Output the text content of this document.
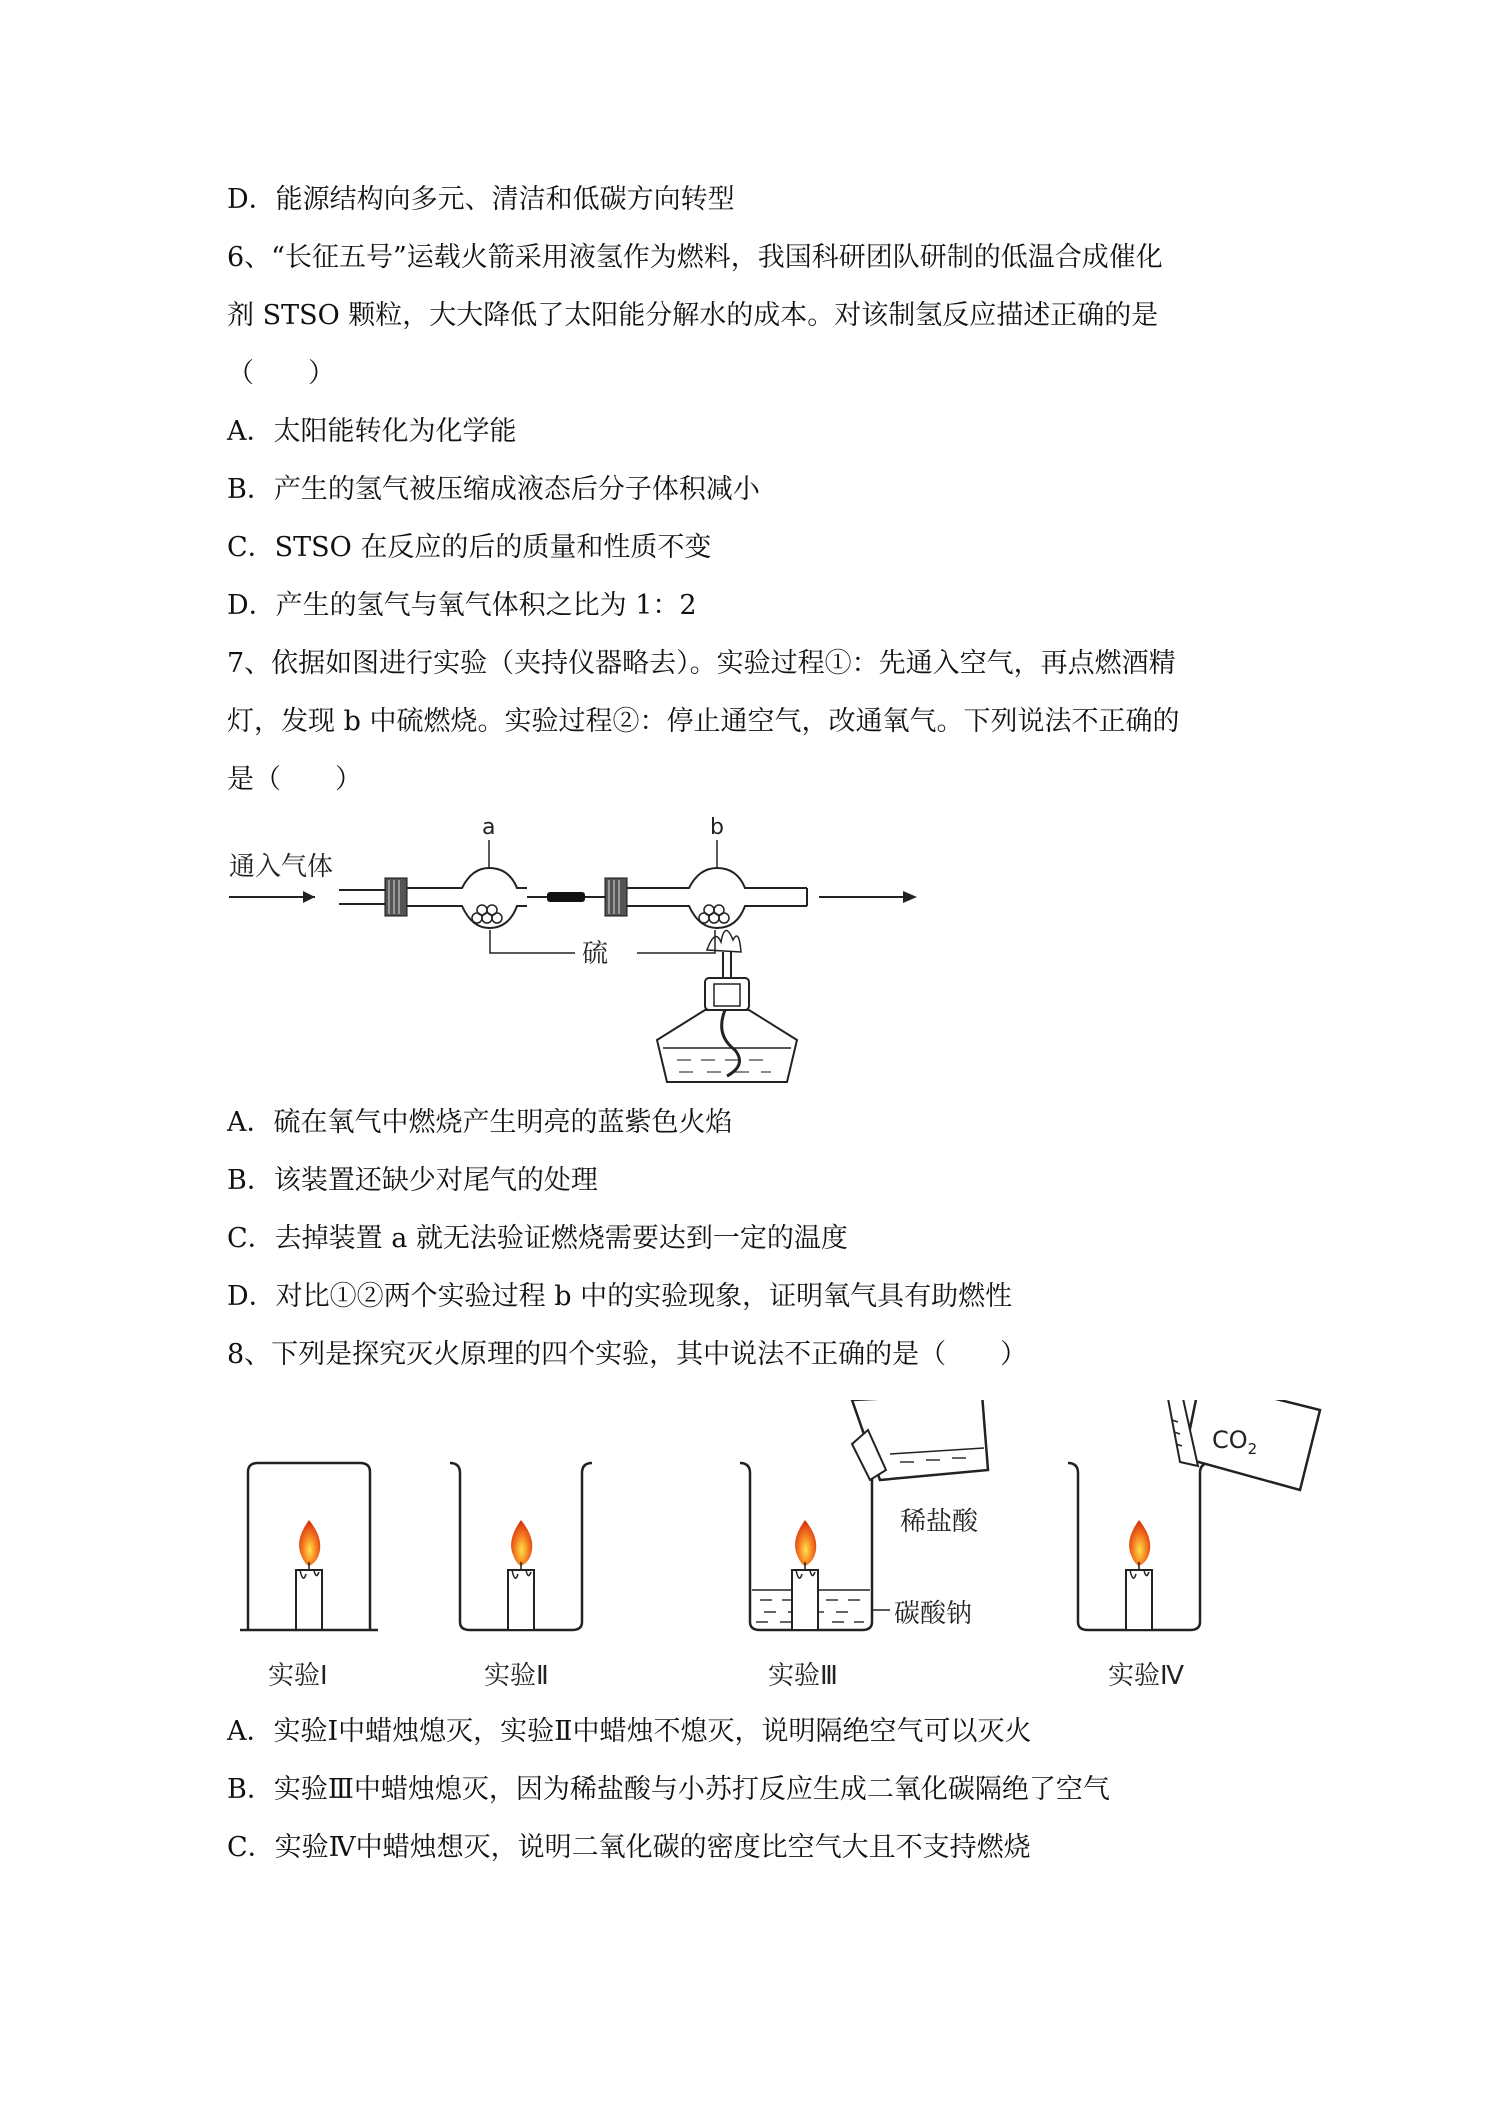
D．能源结构向多元、清洁和低碳方向转型
6、“长征五号”运载火箭采用液氢作为燃料，我国科研团队研制的低温合成催化
剂 STSO 颗粒，大大降低了太阳能分解水的成本。对该制氢反应描述正确的是
（　　）
A．太阳能转化为化学能
B．产生的氢气被压缩成液态后分子体积减小
C．STSO 在反应的后的质量和性质不变
D．产生的氢气与氧气体积之比为 1：2
7、依据如图进行实验（夹持仪器略去）。实验过程①：先通入空气，再点燃酒精
灯，发现 b 中硫燃烧。实验过程②：停止通空气，改通氧气。下列说法不正确的
是（　　）
通入气体
a	b
硫
A．硫在氧气中燃烧产生明亮的蓝紫色火焰
B．该装置还缺少对尾气的处理
C．去掉装置 a 就无法验证燃烧需要达到一定的温度
D．对比①②两个实验过程 b 中的实验现象，证明氧气具有助燃性
8、下列是探究灭火原理的四个实验，其中说法不正确的是（　　）
实验Ⅰ	实验Ⅱ
稀盐酸
碳酸钠
实验Ⅲ
$CO_2$
实验Ⅳ
A．实验Ⅰ中蜡烛熄灭，实验Ⅱ中蜡烛不熄灭，说明隔绝空气可以灭火
B．实验Ⅲ中蜡烛熄灭，因为稀盐酸与小苏打反应生成二氧化碳隔绝了空气
C．实验Ⅳ中蜡烛想灭，说明二氧化碳的密度比空气大且不支持燃烧
